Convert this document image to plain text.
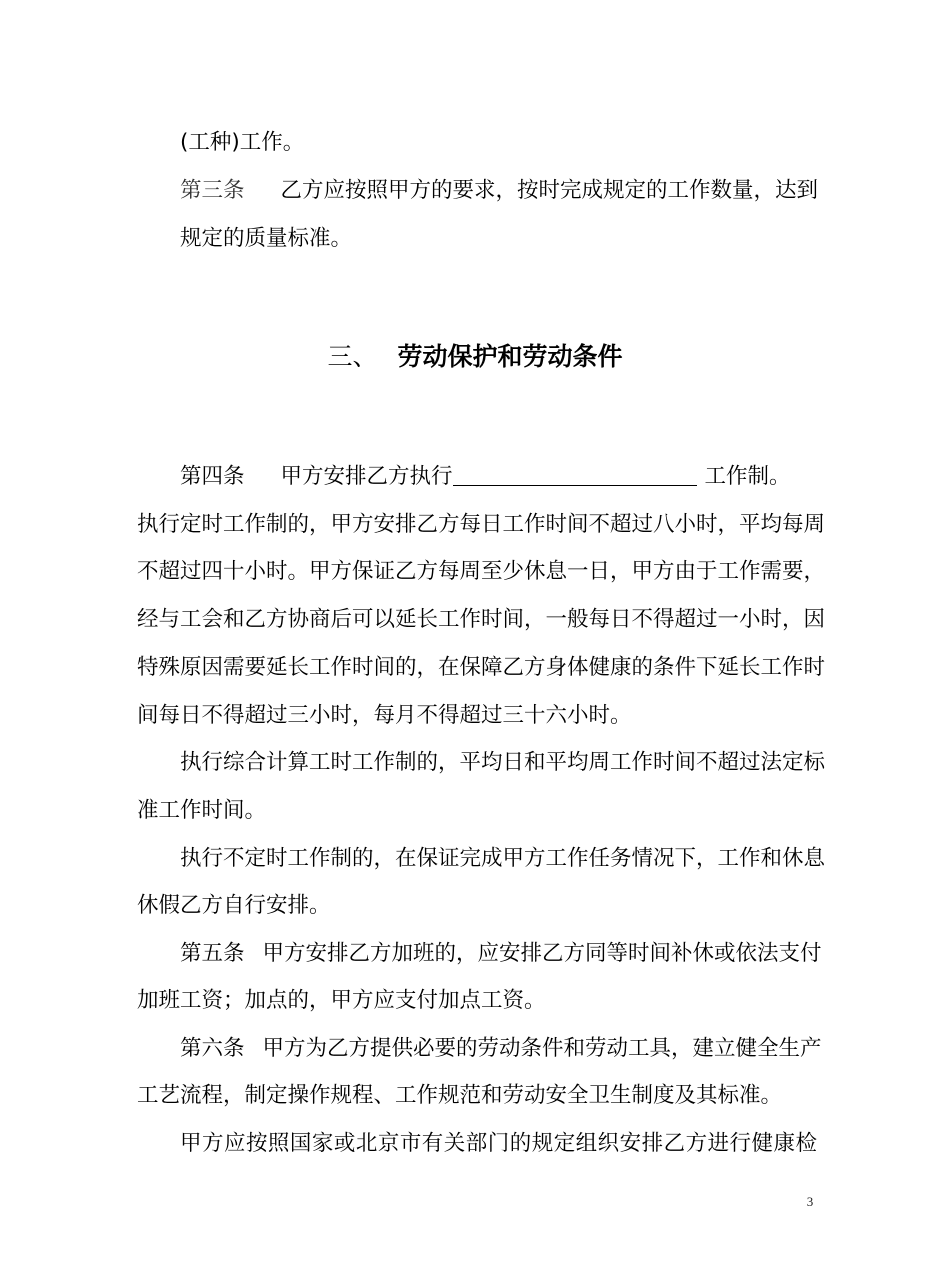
(工种)工作。
第三条 乙方应按照甲方的要求，按时完成规定的工作数量，达到
规定的质量标准。
三、 劳动保护和劳动条件
第四条 甲方安排乙方执行	工作制。
执行定时工作制的，甲方安排乙方每日工作时间不超过八小时，平均每周
不超过四十小时。甲方保证乙方每周至少休息一日，甲方由于工作需要，
经与工会和乙方协商后可以延长工作时间，一般每日不得超过一小时，因
特殊原因需要延长工作时间的，在保障乙方身体健康的条件下延长工作时
间每日不得超过三小时，每月不得超过三十六小时。
执行综合计算工时工作制的，平均日和平均周工作时间不超过法定标
准工作时间。
执行不定时工作制的，在保证完成甲方工作任务情况下，工作和休息
休假乙方自行安排。
第五条 甲方安排乙方加班的，应安排乙方同等时间补休或依法支付
加班工资；加点的，甲方应支付加点工资。
第六条 甲方为乙方提供必要的劳动条件和劳动工具，建立健全生产
工艺流程，制定操作规程、工作规范和劳动安全卫生制度及其标准。
甲方应按照国家或北京市有关部门的规定组织安排乙方进行健康检
3
